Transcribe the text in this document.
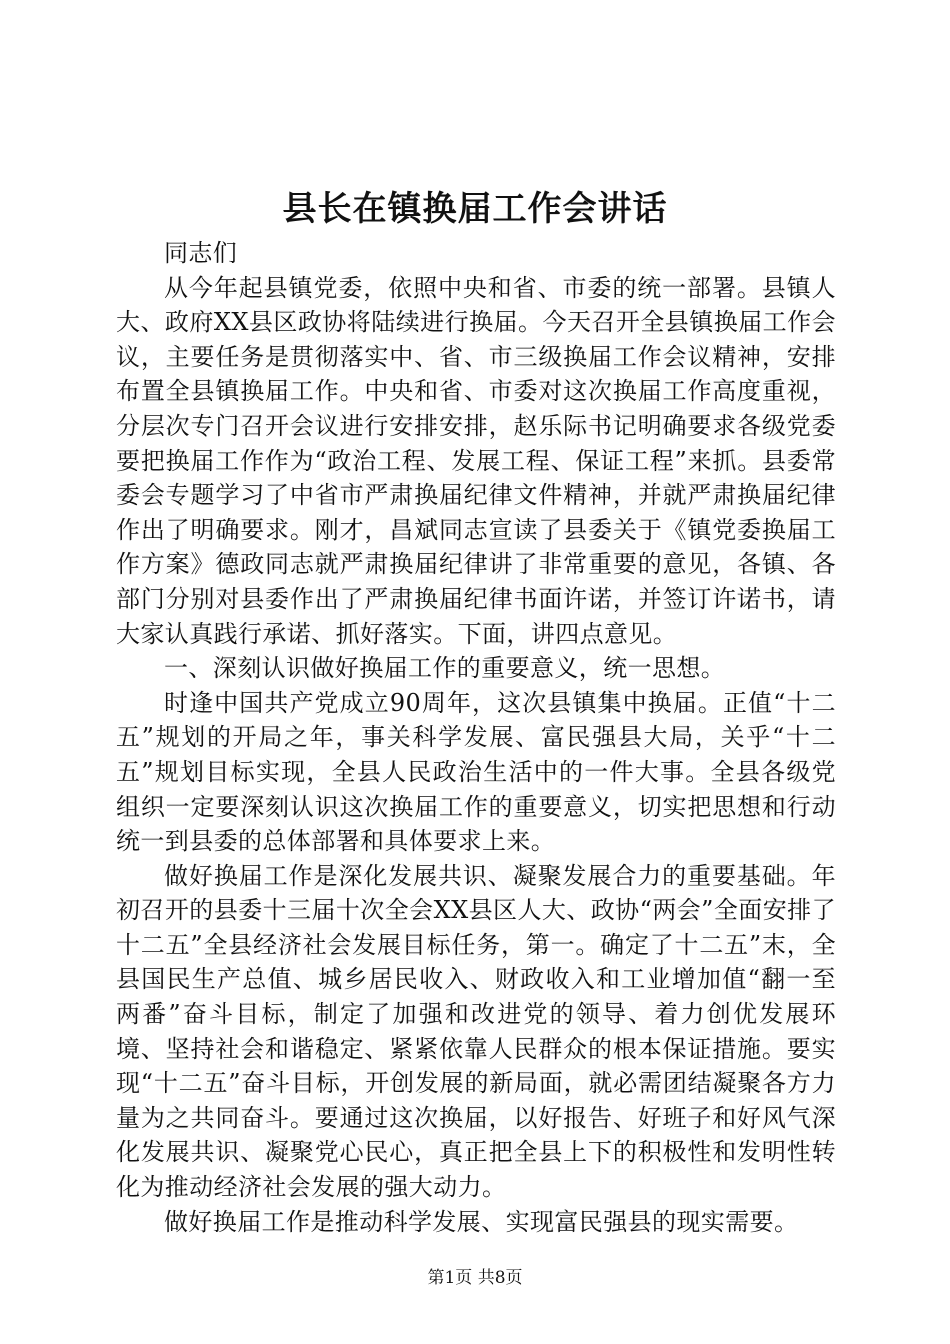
县长在镇换届工作会讲话

同志们

从今年起县镇党委，依照中央和省、市委的统一部署。县镇人大、政府XX县区政协将陆续进行换届。今天召开全县镇换届工作会议，主要任务是贯彻落实中、省、市三级换届工作会议精神，安排布置全县镇换届工作。中央和省、市委对这次换届工作高度重视，分层次专门召开会议进行安排安排，赵乐际书记明确要求各级党委要把换届工作作为“政治工程、发展工程、保证工程”来抓。县委常委会专题学习了中省市严肃换届纪律文件精神，并就严肃换届纪律作出了明确要求。刚才，昌斌同志宣读了县委关于《镇党委换届工作方案》德政同志就严肃换届纪律讲了非常重要的意见，各镇、各部门分别对县委作出了严肃换届纪律书面许诺，并签订许诺书，请大家认真践行承诺、抓好落实。下面，讲四点意见。

一、深刻认识做好换届工作的重要意义，统一思想。

时逢中国共产党成立90周年，这次县镇集中换届。正值“十二五”规划的开局之年，事关科学发展、富民强县大局，关乎“十二五”规划目标实现，全县人民政治生活中的一件大事。全县各级党组织一定要深刻认识这次换届工作的重要意义，切实把思想和行动统一到县委的总体部署和具体要求上来。

做好换届工作是深化发展共识、凝聚发展合力的重要基础。年初召开的县委十三届十次全会XX县区人大、政协“两会”全面安排了十二五”全县经济社会发展目标任务，第一。确定了十二五”末，全县国民生产总值、城乡居民收入、财政收入和工业增加值“翻一至两番”奋斗目标，制定了加强和改进党的领导、着力创优发展环境、坚持社会和谐稳定、紧紧依靠人民群众的根本保证措施。要实现“十二五”奋斗目标，开创发展的新局面，就必需团结凝聚各方力量为之共同奋斗。要通过这次换届，以好报告、好班子和好风气深化发展共识、凝聚党心民心，真正把全县上下的积极性和发明性转化为推动经济社会发展的强大动力。

做好换届工作是推动科学发展、实现富民强县的现实需要。

第1页 共8页
